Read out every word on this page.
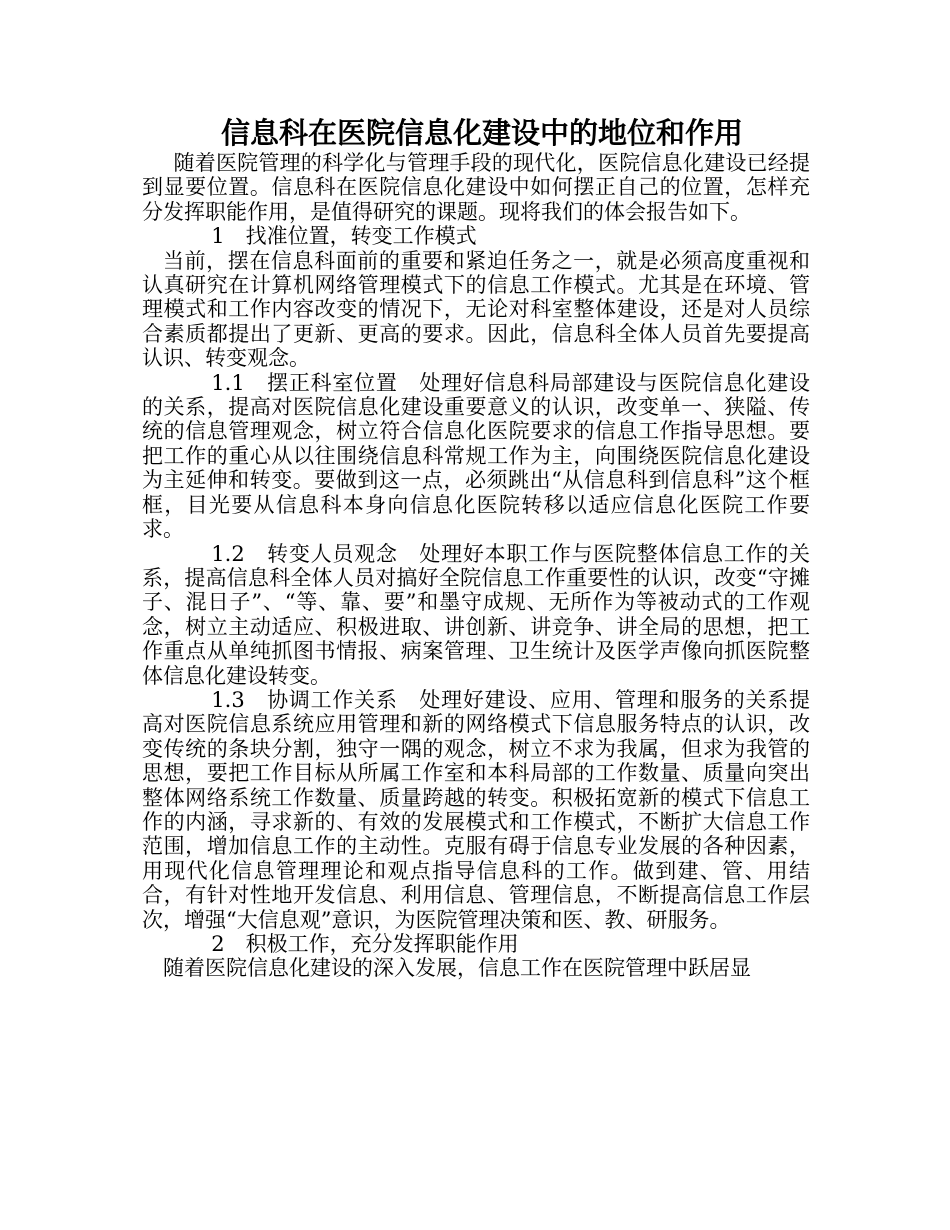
信息科在医院信息化建设中的地位和作用

随着医院管理的科学化与管理手段的现代化，医院信息化建设已经提到显要位置。信息科在医院信息化建设中如何摆正自己的位置，怎样充分发挥职能作用，是值得研究的课题。现将我们的体会报告如下。

1　找准位置，转变工作模式

当前，摆在信息科面前的重要和紧迫任务之一，就是必须高度重视和认真研究在计算机网络管理模式下的信息工作模式。尤其是在环境、管理模式和工作内容改变的情况下，无论对科室整体建设，还是对人员综合素质都提出了更新、更高的要求。因此，信息科全体人员首先要提高认识、转变观念。

1.1　摆正科室位置　处理好信息科局部建设与医院信息化建设的关系，提高对医院信息化建设重要意义的认识，改变单一、狭隘、传统的信息管理观念，树立符合信息化医院要求的信息工作指导思想。要把工作的重心从以往围绕信息科常规工作为主，向围绕医院信息化建设为主延伸和转变。要做到这一点，必须跳出“从信息科到信息科”这个框框，目光要从信息科本身向信息化医院转移以适应信息化医院工作要求。

1.2　转变人员观念　处理好本职工作与医院整体信息工作的关系，提高信息科全体人员对搞好全院信息工作重要性的认识，改变“守摊子、混日子”、“等、靠、要”和墨守成规、无所作为等被动式的工作观念，树立主动适应、积极进取、讲创新、讲竞争、讲全局的思想，把工作重点从单纯抓图书情报、病案管理、卫生统计及医学声像向抓医院整体信息化建设转变。

1.3　协调工作关系　处理好建设、应用、管理和服务的关系提高对医院信息系统应用管理和新的网络模式下信息服务特点的认识，改变传统的条块分割，独守一隅的观念，树立不求为我属，但求为我管的思想，要把工作目标从所属工作室和本科局部的工作数量、质量向突出整体网络系统工作数量、质量跨越的转变。积极拓宽新的模式下信息工作的内涵，寻求新的、有效的发展模式和工作模式，不断扩大信息工作范围，增加信息工作的主动性。克服有碍于信息专业发展的各种因素，用现代化信息管理理论和观点指导信息科的工作。做到建、管、用结合，有针对性地开发信息、利用信息、管理信息，不断提高信息工作层次，增强“大信息观”意识，为医院管理决策和医、教、研服务。

2　积极工作，充分发挥职能作用

随着医院信息化建设的深入发展，信息工作在医院管理中跃居显
